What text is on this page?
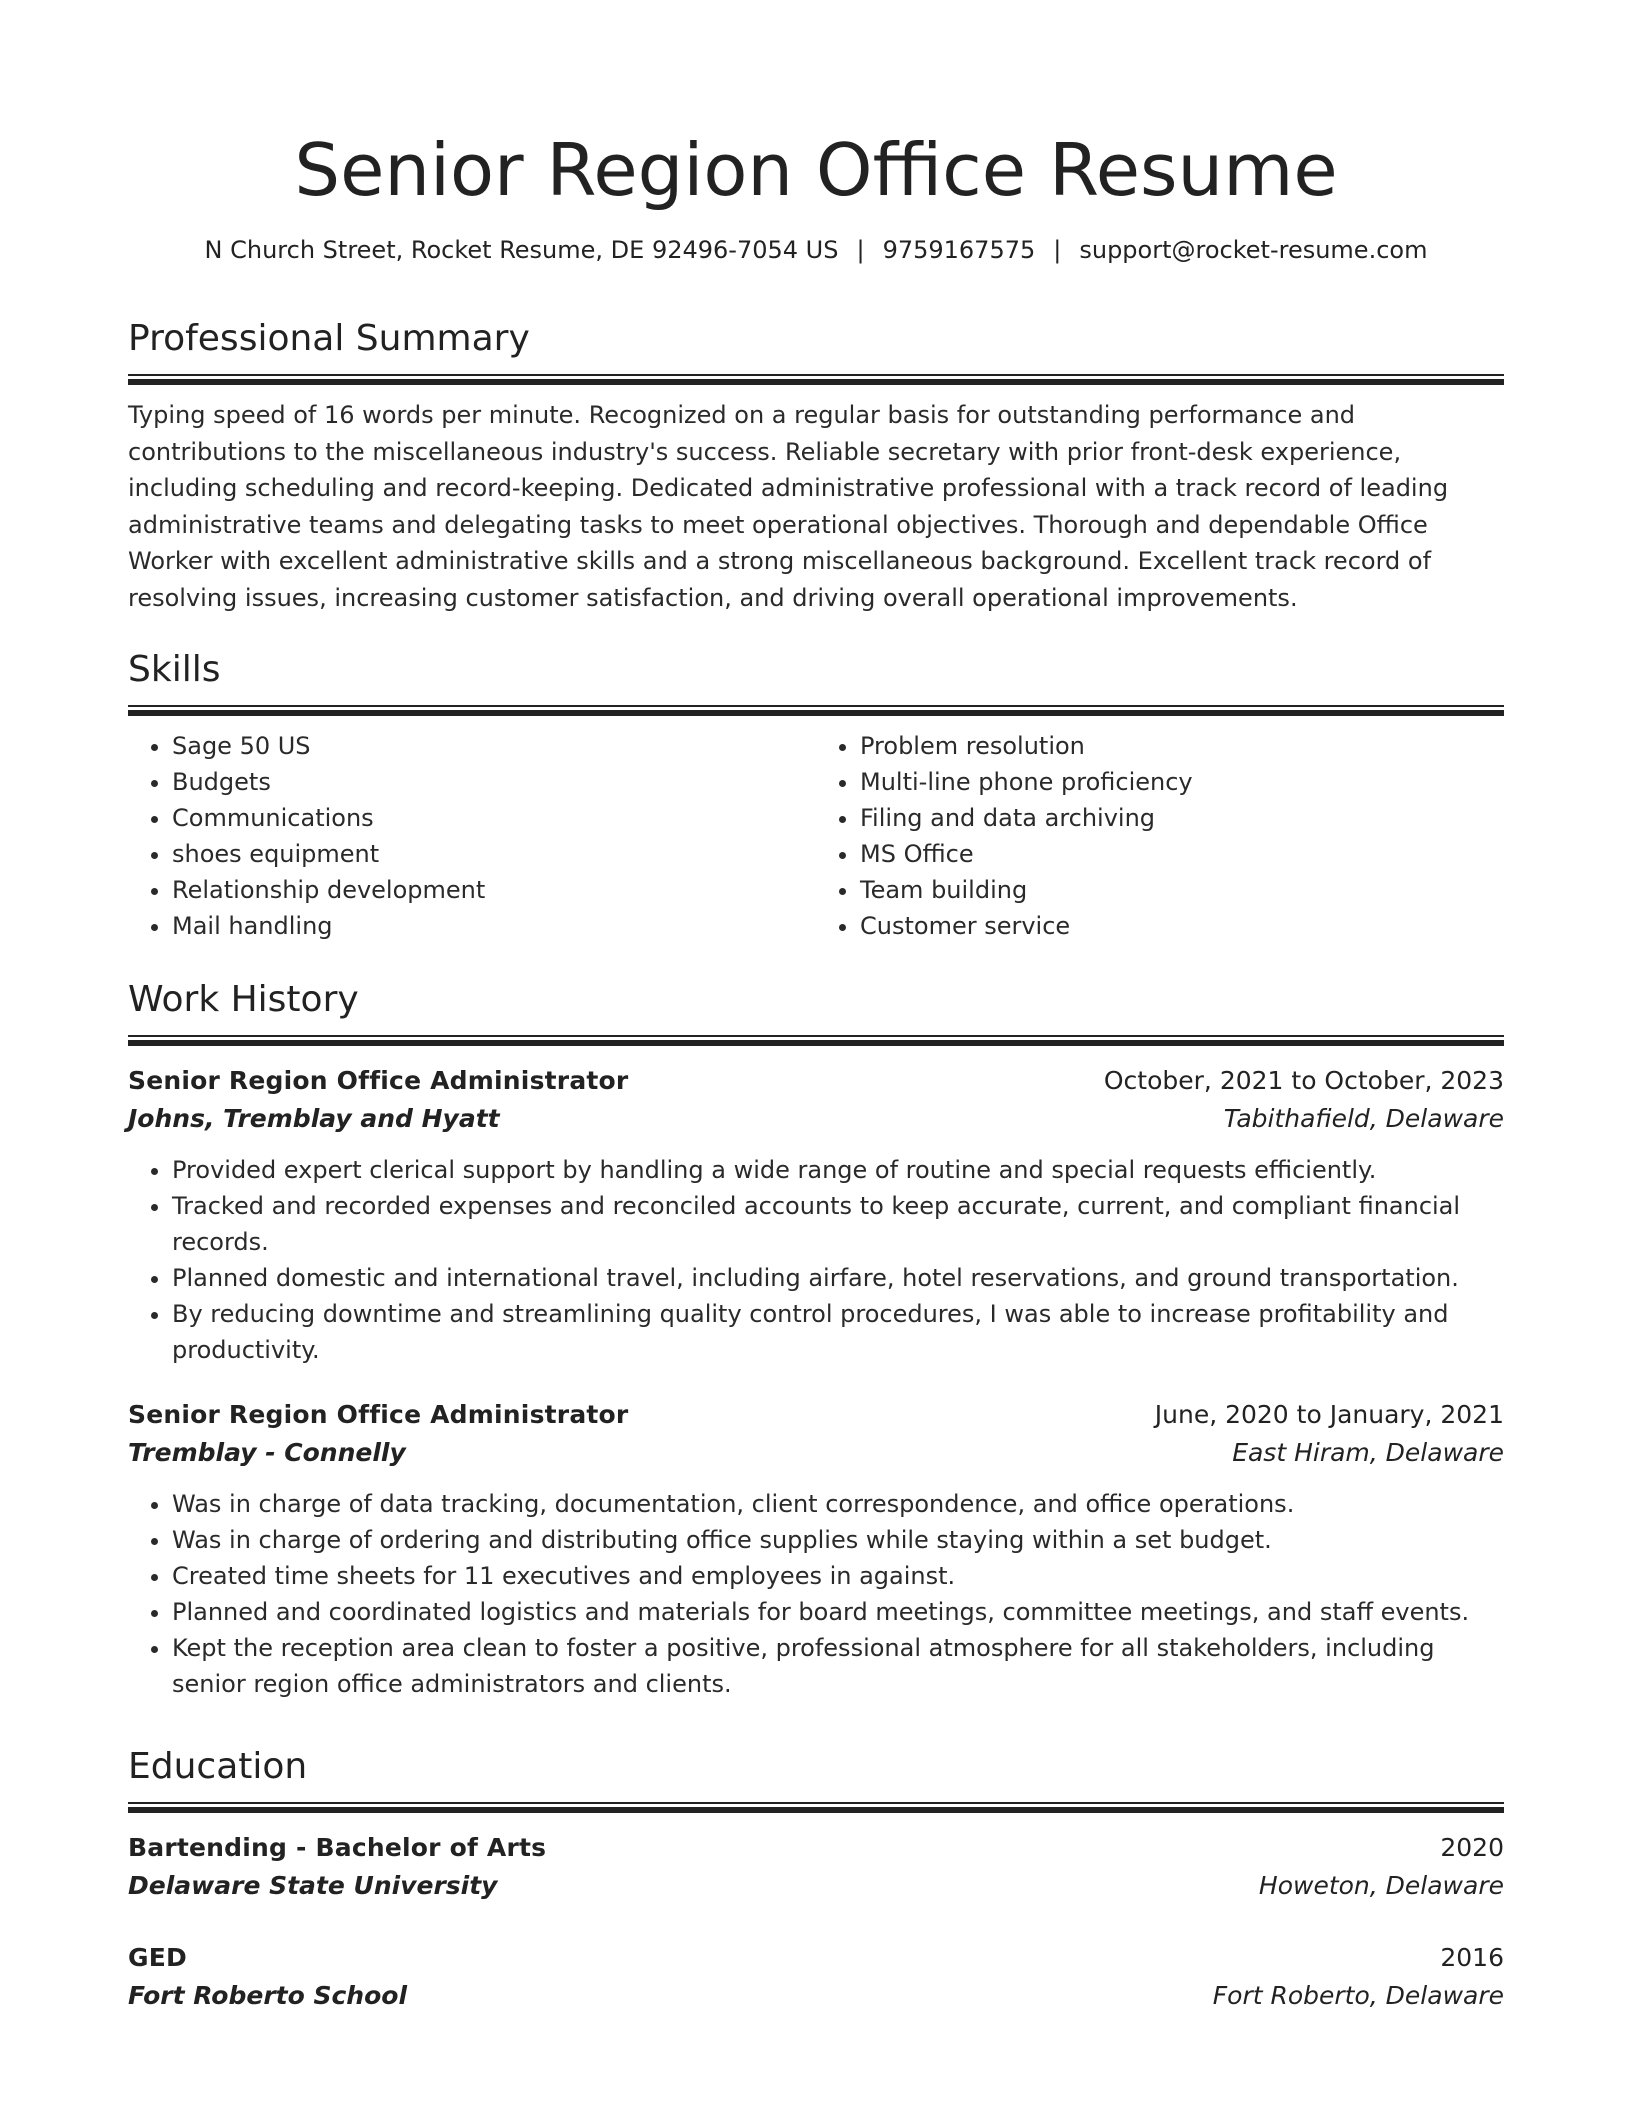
Senior Region Office Resume
N Church Street, Rocket Resume, DE 92496-7054 US | 9759167575 | support@rocket-resume.com
Professional Summary

Typing speed of 16 words per minute. Recognized on a regular basis for outstanding performance and contributions to the miscellaneous industry's success. Reliable secretary with prior front-desk experience, including scheduling and record-keeping. Dedicated administrative professional with a track record of leading administrative teams and delegating tasks to meet operational objectives. Thorough and dependable Office Worker with excellent administrative skills and a strong miscellaneous background. Excellent track record of resolving issues, increasing customer satisfaction, and driving overall operational improvements.

Skills
• Sage 50 US
• Budgets
• Communications
• shoes equipment
• Relationship development
• Mail handling
• Problem resolution
• Multi-line phone proficiency
• Filing and data archiving
• MS Office
• Team building
• Customer service
Work History
Senior Region Office Administrator	October, 2021 to October, 2023
Johns, Tremblay and Hyatt	Tabithafield, Delaware
• Provided expert clerical support by handling a wide range of routine and special requests efficiently.
• Tracked and recorded expenses and reconciled accounts to keep accurate, current, and compliant financial records.
• Planned domestic and international travel, including airfare, hotel reservations, and ground transportation.
• By reducing downtime and streamlining quality control procedures, I was able to increase profitability and productivity.
Senior Region Office Administrator	June, 2020 to January, 2021
Tremblay - Connelly	East Hiram, Delaware
• Was in charge of data tracking, documentation, client correspondence, and office operations.
• Was in charge of ordering and distributing office supplies while staying within a set budget.
• Created time sheets for 11 executives and employees in against.
• Planned and coordinated logistics and materials for board meetings, committee meetings, and staff events.
• Kept the reception area clean to foster a positive, professional atmosphere for all stakeholders, including senior region office administrators and clients.
Education
Bartending - Bachelor of Arts	2020
Delaware State University	Howeton, Delaware
GED	2016
Fort Roberto School	Fort Roberto, Delaware
